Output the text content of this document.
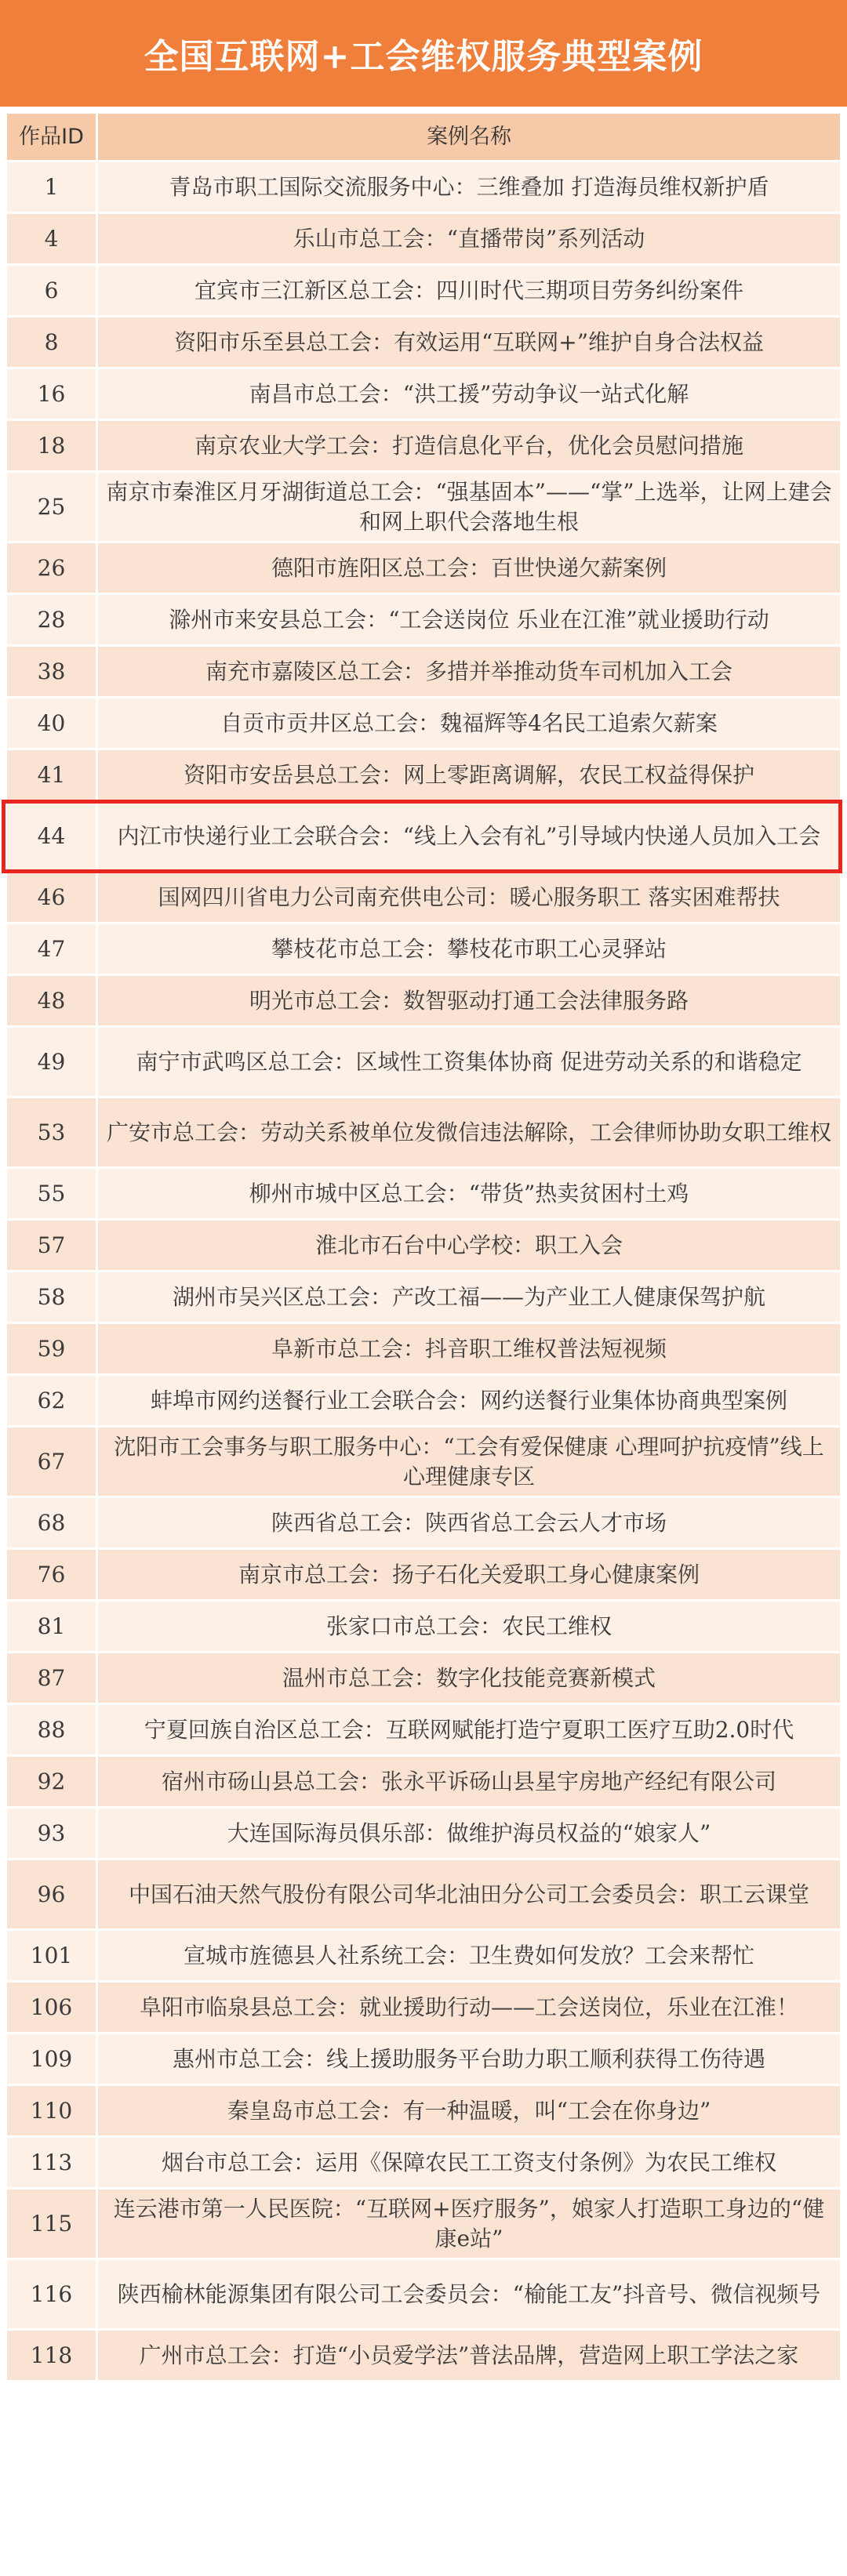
全国互联网+工会维权服务典型案例
作品ID	案例名称
1	青岛市职工国际交流服务中心：三维叠加 打造海员维权新护盾
4	乐山市总工会：“直播带岗”系列活动
6	宜宾市三江新区总工会：四川时代三期项目劳务纠纷案件
8	资阳市乐至县总工会：有效运用“互联网+”维护自身合法权益
16	南昌市总工会：“洪工援”劳动争议一站式化解
18	南京农业大学工会：打造信息化平台，优化会员慰问措施
25	南京市秦淮区月牙湖街道总工会：“强基固本”——“掌”上选举，让网上建会和网上职代会落地生根
26	德阳市旌阳区总工会：百世快递欠薪案例
28	滁州市来安县总工会：“工会送岗位 乐业在江淮”就业援助行动
38	南充市嘉陵区总工会：多措并举推动货车司机加入工会
40	自贡市贡井区总工会：魏福辉等4名民工追索欠薪案
41	资阳市安岳县总工会：网上零距离调解，农民工权益得保护
44	内江市快递行业工会联合会：“线上入会有礼”引导域内快递人员加入工会
46	国网四川省电力公司南充供电公司：暖心服务职工 落实困难帮扶
47	攀枝花市总工会：攀枝花市职工心灵驿站
48	明光市总工会：数智驱动打通工会法律服务路
49	南宁市武鸣区总工会：区域性工资集体协商 促进劳动关系的和谐稳定
53	广安市总工会：劳动关系被单位发微信违法解除，工会律师协助女职工维权
55	柳州市城中区总工会：“带货”热卖贫困村土鸡
57	淮北市石台中心学校：职工入会
58	湖州市吴兴区总工会：产改工福——为产业工人健康保驾护航
59	阜新市总工会：抖音职工维权普法短视频
62	蚌埠市网约送餐行业工会联合会：网约送餐行业集体协商典型案例
67	沈阳市工会事务与职工服务中心：“工会有爱保健康 心理呵护抗疫情”线上心理健康专区
68	陕西省总工会：陕西省总工会云人才市场
76	南京市总工会：扬子石化关爱职工身心健康案例
81	张家口市总工会：农民工维权
87	温州市总工会：数字化技能竞赛新模式
88	宁夏回族自治区总工会：互联网赋能打造宁夏职工医疗互助2.0时代
92	宿州市砀山县总工会：张永平诉砀山县星宇房地产经纪有限公司
93	大连国际海员俱乐部：做维护海员权益的“娘家人”
96	中国石油天然气股份有限公司华北油田分公司工会委员会：职工云课堂
101	宣城市旌德县人社系统工会：卫生费如何发放？工会来帮忙
106	阜阳市临泉县总工会：就业援助行动——工会送岗位，乐业在江淮！
109	惠州市总工会：线上援助服务平台助力职工顺利获得工伤待遇
110	秦皇岛市总工会：有一种温暖，叫“工会在你身边”
113	烟台市总工会：运用《保障农民工工资支付条例》为农民工维权
115	连云港市第一人民医院：“互联网+医疗服务”，娘家人打造职工身边的“健康e站”
116	陕西榆林能源集团有限公司工会委员会：“榆能工友”抖音号、微信视频号
118	广州市总工会：打造“小员爱学法”普法品牌，营造网上职工学法之家
